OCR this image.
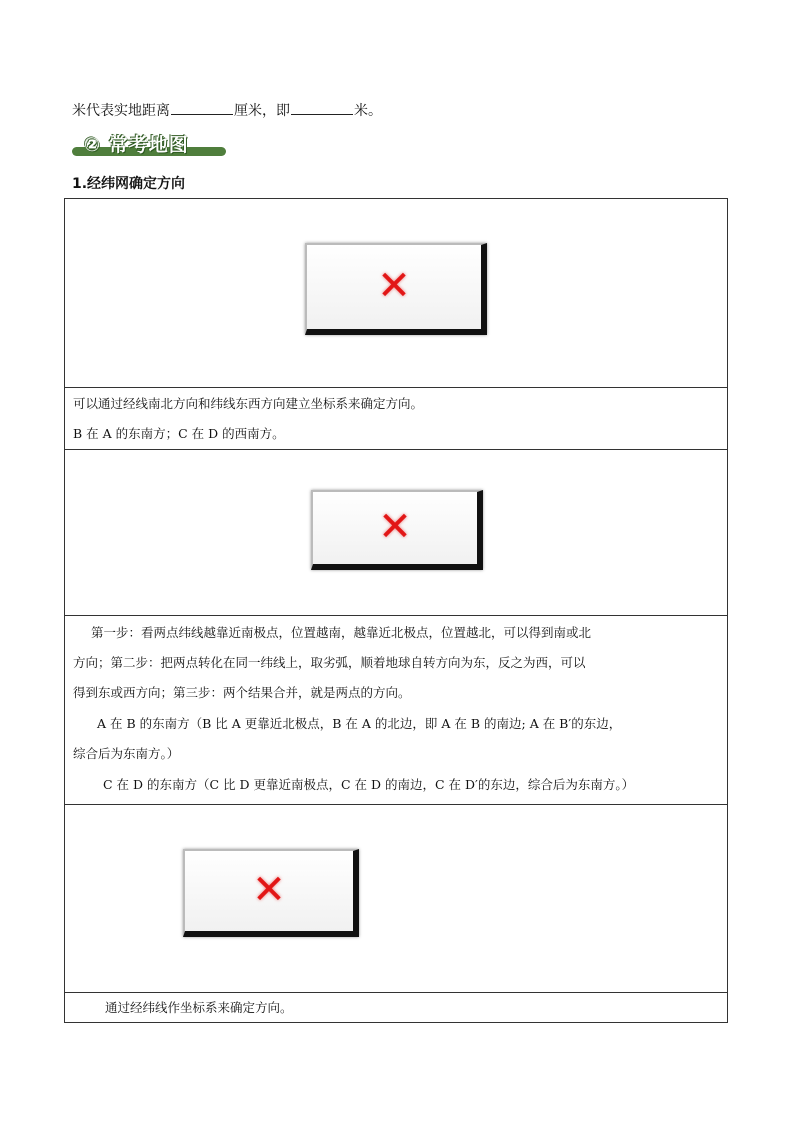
米代表实地距离	厘米，即	米。
② 常考地图
1.经纬网确定方向
✕
可以通过经线南北方向和纬线东西方向建立坐标系来确定方向。
B 在 A 的东南方；C 在 D 的西南方。
✕
第一步：看两点纬线越靠近南极点，位置越南，越靠近北极点，位置越北，可以得到南或北
方向；第二步：把两点转化在同一纬线上，取劣弧，顺着地球自转方向为东，反之为西，可以
得到东或西方向；第三步：两个结果合并，就是两点的方向。
A 在 B 的东南方（B 比 A 更靠近北极点，B 在 A 的北边，即 A 在 B 的南边; A 在 B′的东边，
综合后为东南方。）
C 在 D 的东南方（C 比 D 更靠近南极点，C 在 D 的南边，C 在 D′的东边，综合后为东南方。）
✕
通过经纬线作坐标系来确定方向。
